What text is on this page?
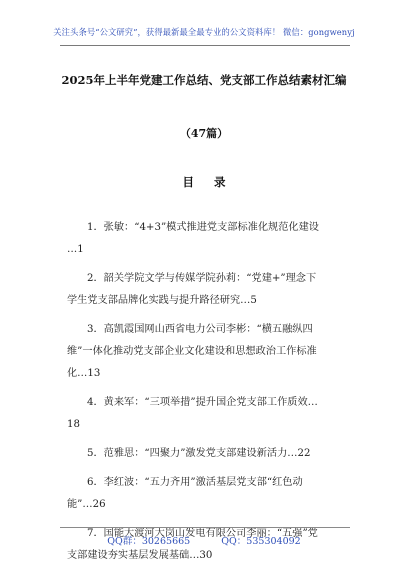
关注头条号“公文研究”，获得最新最全最专业的公文资料库！ 微信：gongwenyj
2025年上半年党建工作总结、党支部工作总结素材汇编
（47篇）
目 录
1．张敏：“4+3”模式推进党支部标准化规范化建设
…1
2．韶关学院文学与传媒学院孙莉：“党建+”理念下
学生党支部品牌化实践与提升路径研究…5
3．高凯霞国网山西省电力公司李彬：“横五融纵四
维”一体化推动党支部企业文化建设和思想政治工作标准
化…13
4．黄来军：“三项举措”提升国企党支部工作质效…
18
5．范雅思：“四聚力”激发党支部建设新活力…22
6．李红波：“五力齐用”激活基层党支部“红色动
能”…26
7．国能大渡河大岗山发电有限公司李丽：“五强”党
支部建设夯实基层发展基础…30
QQ群：30265665	QQ：535304092
